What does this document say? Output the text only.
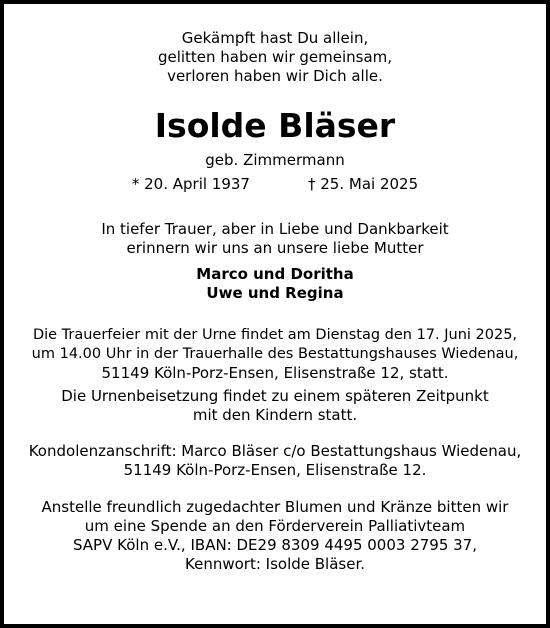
Gekämpft hast Du allein,
gelitten haben wir gemeinsam,
verloren haben wir Dich alle.
Isolde Bläser
geb. Zimmermann
* 20. April 1937	† 25. Mai 2025
In tiefer Trauer, aber in Liebe und Dankbarkeit
erinnern wir uns an unsere liebe Mutter
Marco und Doritha
Uwe und Regina
Die Trauerfeier mit der Urne findet am Dienstag den 17. Juni 2025,
um 14.00 Uhr in der Trauerhalle des Bestattungshauses Wiedenau,
51149 Köln-Porz-Ensen, Elisenstraße 12, statt.
Die Urnenbeisetzung findet zu einem späteren Zeitpunkt
mit den Kindern statt.
Kondolenzanschrift: Marco Bläser c/o Bestattungshaus Wiedenau,
51149 Köln-Porz-Ensen, Elisenstraße 12.
Anstelle freundlich zugedachter Blumen und Kränze bitten wir
um eine Spende an den Förderverein Palliativteam
SAPV Köln e.V., IBAN: DE29 8309 4495 0003 2795 37,
Kennwort: Isolde Bläser.
